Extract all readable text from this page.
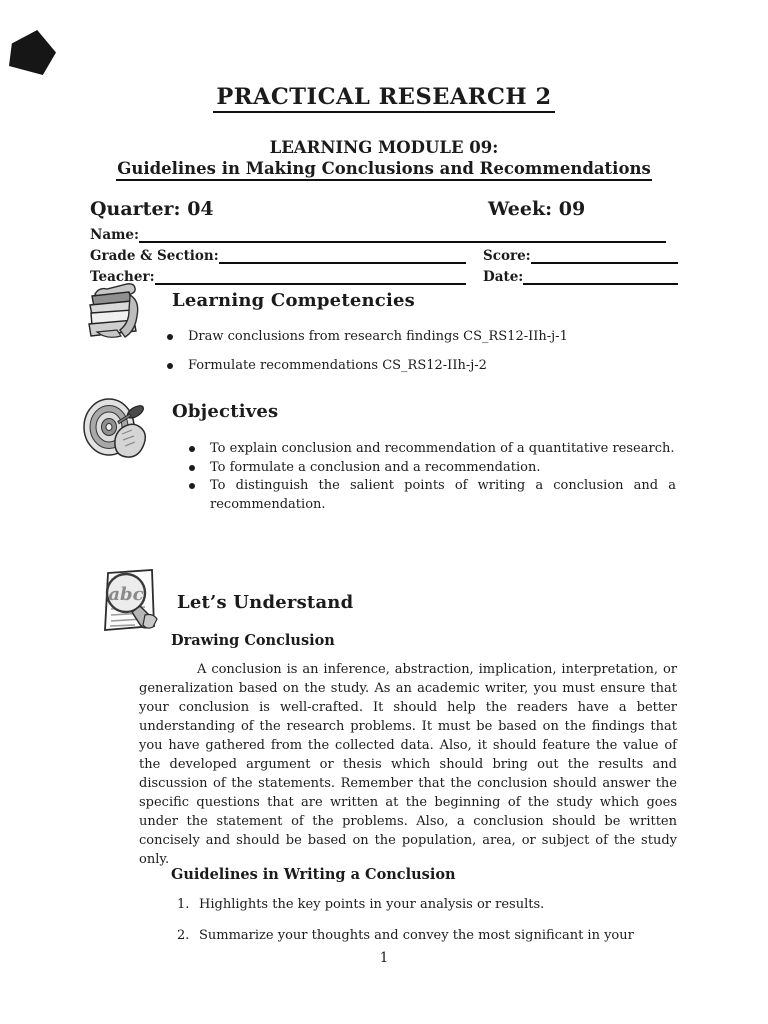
PRACTICAL RESEARCH 2
LEARNING MODULE 09:
Guidelines in Making Conclusions and Recommendations
Quarter: 04	Week: 09
Name:
Grade & Section:	Score:
Teacher:	Date:
Learning Competencies
Draw conclusions from research findings CS_RS12-IIh-j-1
Formulate recommendations CS_RS12-IIh-j-2
Objectives
To explain conclusion and recommendation of a quantitative research.
To formulate a conclusion and a recommendation.
To distinguish the salient points of writing a conclusion and a recommendation.
abc Let’s Understand
Drawing Conclusion
A conclusion is an inference, abstraction, implication, interpretation, or generalization based on the study. As an academic writer, you must ensure that your conclusion is well-crafted. It should help the readers have a better understanding of the research problems. It must be based on the findings that you have gathered from the collected data. Also, it should feature the value of the developed argument or thesis which should bring out the results and discussion of the statements. Remember that the conclusion should answer the specific questions that are written at the beginning of the study which goes under the statement of the problems. Also, a conclusion should be written concisely and should be based on the population, area, or subject of the study only.
Guidelines in Writing a Conclusion
1. Highlights the key points in your analysis or results.
2. Summarize your thoughts and convey the most significant in your
1
